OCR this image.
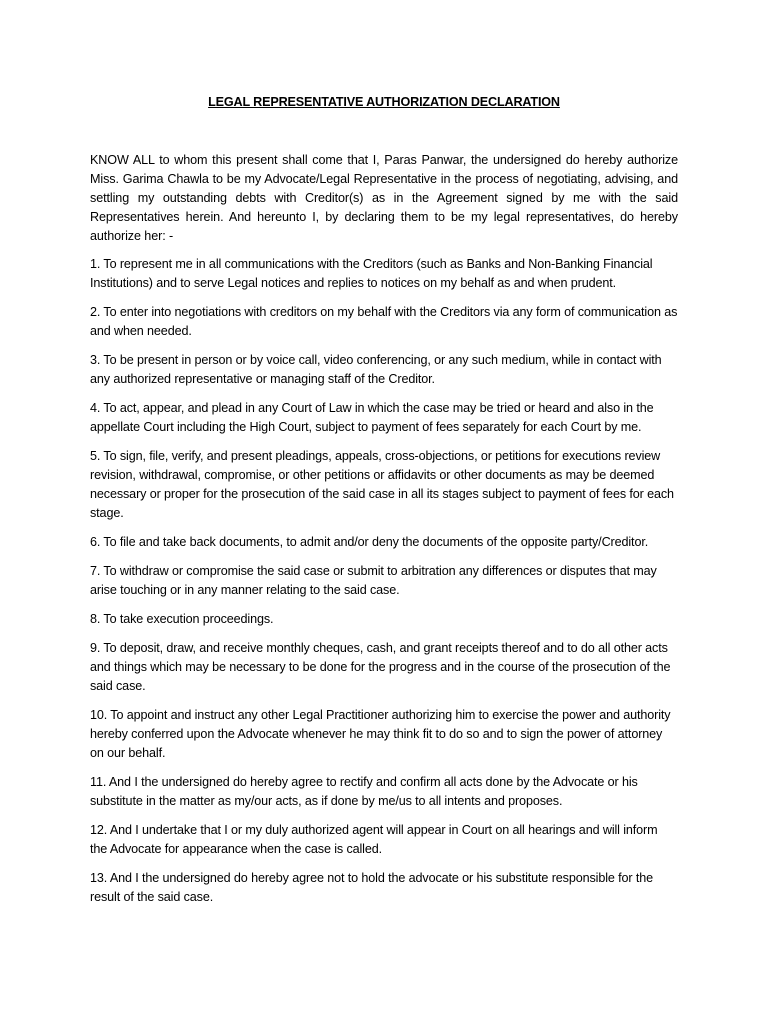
LEGAL REPRESENTATIVE AUTHORIZATION DECLARATION
KNOW ALL to whom this present shall come that I, Paras Panwar, the undersigned do hereby authorize Miss. Garima Chawla to be my Advocate/Legal Representative in the process of negotiating, advising, and settling my outstanding debts with Creditor(s) as in the Agreement signed by me with the said Representatives herein. And hereunto I, by declaring them to be my legal representatives, do hereby authorize her: -

1. To represent me in all communications with the Creditors (such as Banks and Non-Banking Financial Institutions) and to serve Legal notices and replies to notices on my behalf as and when prudent.

2. To enter into negotiations with creditors on my behalf with the Creditors via any form of communication as and when needed.

3. To be present in person or by voice call, video conferencing, or any such medium, while in contact with any authorized representative or managing staff of the Creditor.

4. To act, appear, and plead in any Court of Law in which the case may be tried or heard and also in the appellate Court including the High Court, subject to payment of fees separately for each Court by me.

5. To sign, file, verify, and present pleadings, appeals, cross-objections, or petitions for executions review revision, withdrawal, compromise, or other petitions or affidavits or other documents as may be deemed necessary or proper for the prosecution of the said case in all its stages subject to payment of fees for each stage.

6. To file and take back documents, to admit and/or deny the documents of the opposite party/Creditor.

7. To withdraw or compromise the said case or submit to arbitration any differences or disputes that may arise touching or in any manner relating to the said case.

8. To take execution proceedings.

9. To deposit, draw, and receive monthly cheques, cash, and grant receipts thereof and to do all other acts and things which may be necessary to be done for the progress and in the course of the prosecution of the said case.

10. To appoint and instruct any other Legal Practitioner authorizing him to exercise the power and authority hereby conferred upon the Advocate whenever he may think fit to do so and to sign the power of attorney on our behalf.

11. And I the undersigned do hereby agree to rectify and confirm all acts done by the Advocate or his substitute in the matter as my/our acts, as if done by me/us to all intents and proposes.

12. And I undertake that I or my duly authorized agent will appear in Court on all hearings and will inform the Advocate for appearance when the case is called.

13. And I the undersigned do hereby agree not to hold the advocate or his substitute responsible for the result of the said case.
